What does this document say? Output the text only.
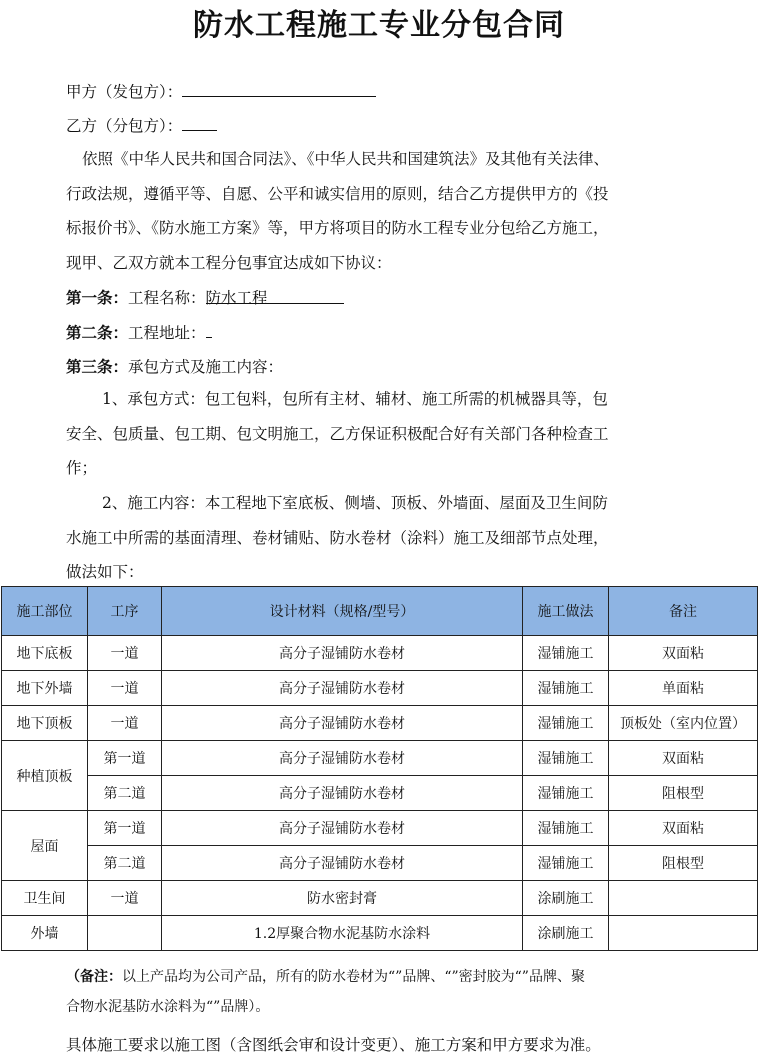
防水工程施工专业分包合同
甲方（发包方）：
乙方（分包方）：
依照《中华人民共和国合同法》、《中华人民共和国建筑法》及其他有关法律、
行政法规，遵循平等、自愿、公平和诚实信用的原则，结合乙方提供甲方的《投
标报价书》、《防水施工方案》等，甲方将项目的防水工程专业分包给乙方施工，
现甲、乙双方就本工程分包事宜达成如下协议：
第一条：工程名称：防水工程
第二条：工程地址：
第三条：承包方式及施工内容：
1、承包方式：包工包料，包所有主材、辅材、施工所需的机械器具等，包
安全、包质量、包工期、包文明施工，乙方保证积极配合好有关部门各种检查工
作；
2、施工内容：本工程地下室底板、侧墙、顶板、外墙面、屋面及卫生间防
水施工中所需的基面清理、卷材铺贴、防水卷材（涂料）施工及细部节点处理，
做法如下：
施工部位	工序	设计材料（规格/型号）	施工做法	备注
地下底板	一道	高分子湿铺防水卷材	湿铺施工	双面粘
地下外墙	一道	高分子湿铺防水卷材	湿铺施工	单面粘
地下顶板	一道	高分子湿铺防水卷材	湿铺施工	顶板处（室内位置）
种植顶板	第一道	高分子湿铺防水卷材	湿铺施工	双面粘
	第二道	高分子湿铺防水卷材	湿铺施工	阻根型
屋面	第一道	高分子湿铺防水卷材	湿铺施工	双面粘
	第二道	高分子湿铺防水卷材	湿铺施工	阻根型
卫生间	一道	防水密封膏	涂刷施工	
外墙		1.2厚聚合物水泥基防水涂料	涂刷施工	
（备注：以上产品均为公司产品，所有的防水卷材为“”品牌、“”密封胶为“”品牌、聚
合物水泥基防水涂料为“”品牌）。
具体施工要求以施工图（含图纸会审和设计变更）、施工方案和甲方要求为准。
